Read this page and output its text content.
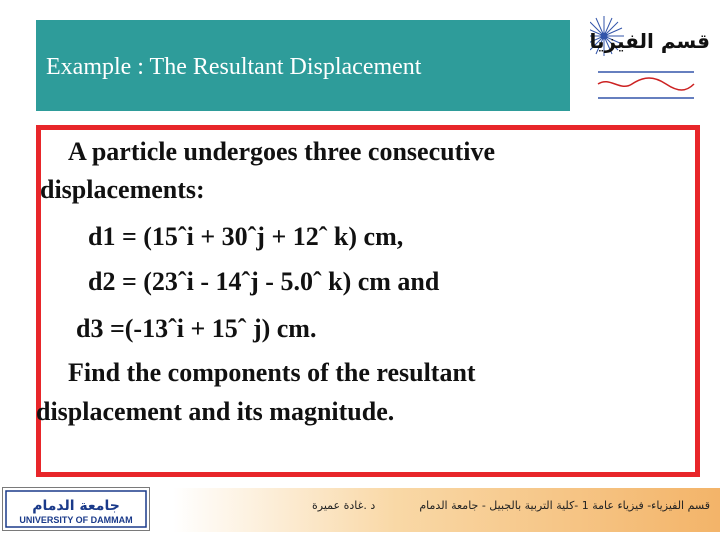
Example : The Resultant Displacement
قسم الفيزياء
A particle undergoes three consecutive
displacements:
d1 = (15ˆi + 30ˆj + 12ˆ k) cm,
d2 = (23ˆi - 14ˆj - 5.0ˆ k) cm and
d3 =(-13ˆi + 15ˆ j) cm.
Find the components of the resultant
displacement and its magnitude.
جامعة الدمام
UNIVERSITY OF DAMMAM
د .غادة عميرة	قسم الفيزياء- فيزياء عامة 1 -كلية التربية بالجبيل - جامعة الدمام
